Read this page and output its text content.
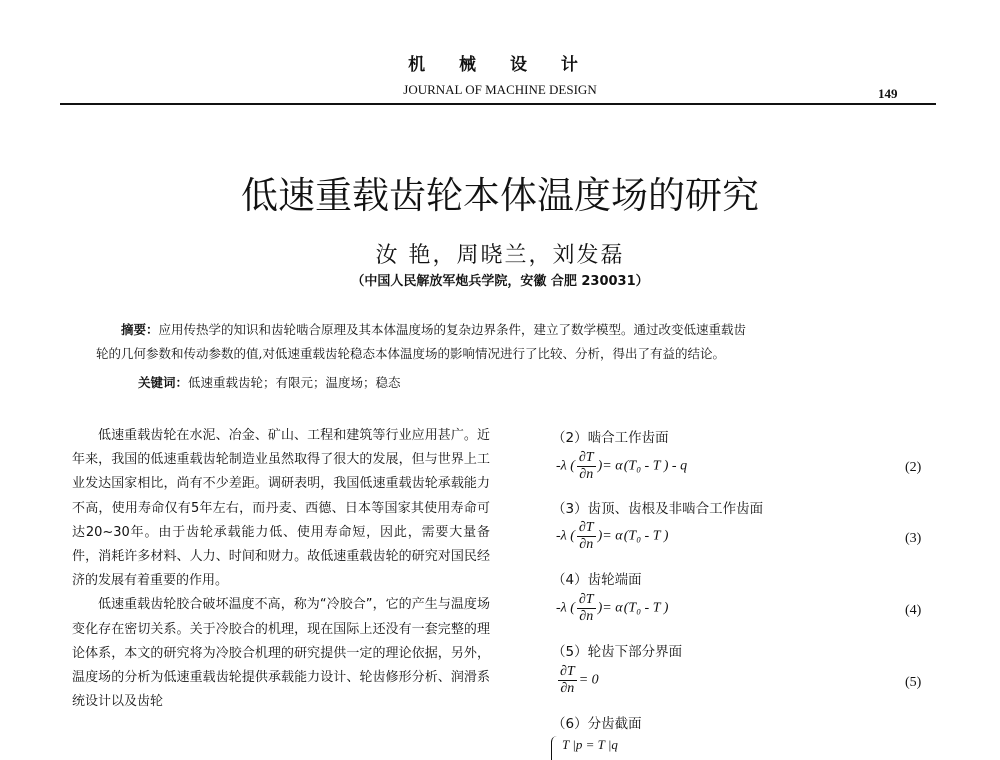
机 械 设 计
JOURNAL OF MACHINE DESIGN	149
低速重载齿轮本体温度场的研究
汝 艳，周晓兰，刘发磊
（中国人民解放军炮兵学院，安徽 合肥 230031）

摘要：应用传热学的知识和齿轮啮合原理及其本体温度场的复杂边界条件，建立了数学模型。通过改变低速重载齿

轮的几何参数和传动参数的值,对低速重载齿轮稳态本体温度场的影响情况进行了比较、分析，得出了有益的结论。

关键词：低速重载齿轮；有限元；温度场；稳态

低速重载齿轮在水泥、冶金、矿山、工程和建筑等行业应用甚广。近年来，我国的低速重载齿轮制造业虽然取得了很大的发展，但与世界上工业发达国家相比，尚有不少差距。调研表明，我国低速重载齿轮承载能力不高，使用寿命仅有5年左右，而丹麦、西德、日本等国家其使用寿命可达20~30年。由于齿轮承载能力低、使用寿命短，因此，需要大量备件，消耗许多材料、人力、时间和财力。故低速重载齿轮的研究对国民经济的发展有着重要的作用。

低速重载齿轮胶合破坏温度不高，称为“冷胶合”，它的产生与温度场变化存在密切关系。关于冷胶合的机理，现在国际上还没有一套完整的理论体系，本文的研究将为冷胶合机理的研究提供一定的理论依据，另外，温度场的分析为低速重载齿轮提供承载能力设计、轮齿修形分析、润滑系统设计以及齿轮

（2）啮合工作齿面
-λ ( $\frac{\partial T}{\partial n}$ )= α (T₀ - T ) - q	(2)
（3）齿顶、齿根及非啮合工作齿面
-λ ( $\frac{\partial T}{\partial n}$ )= α (T₀ - T )	(3)
（4）齿轮端面
-λ ( $\frac{\partial T}{\partial n}$ )= α (T₀ - T )	(4)
（5）轮齿下部分界面
$\frac{\partial T}{\partial n} = 0$	(5)
（6）分齿截面
T |p = T |q
